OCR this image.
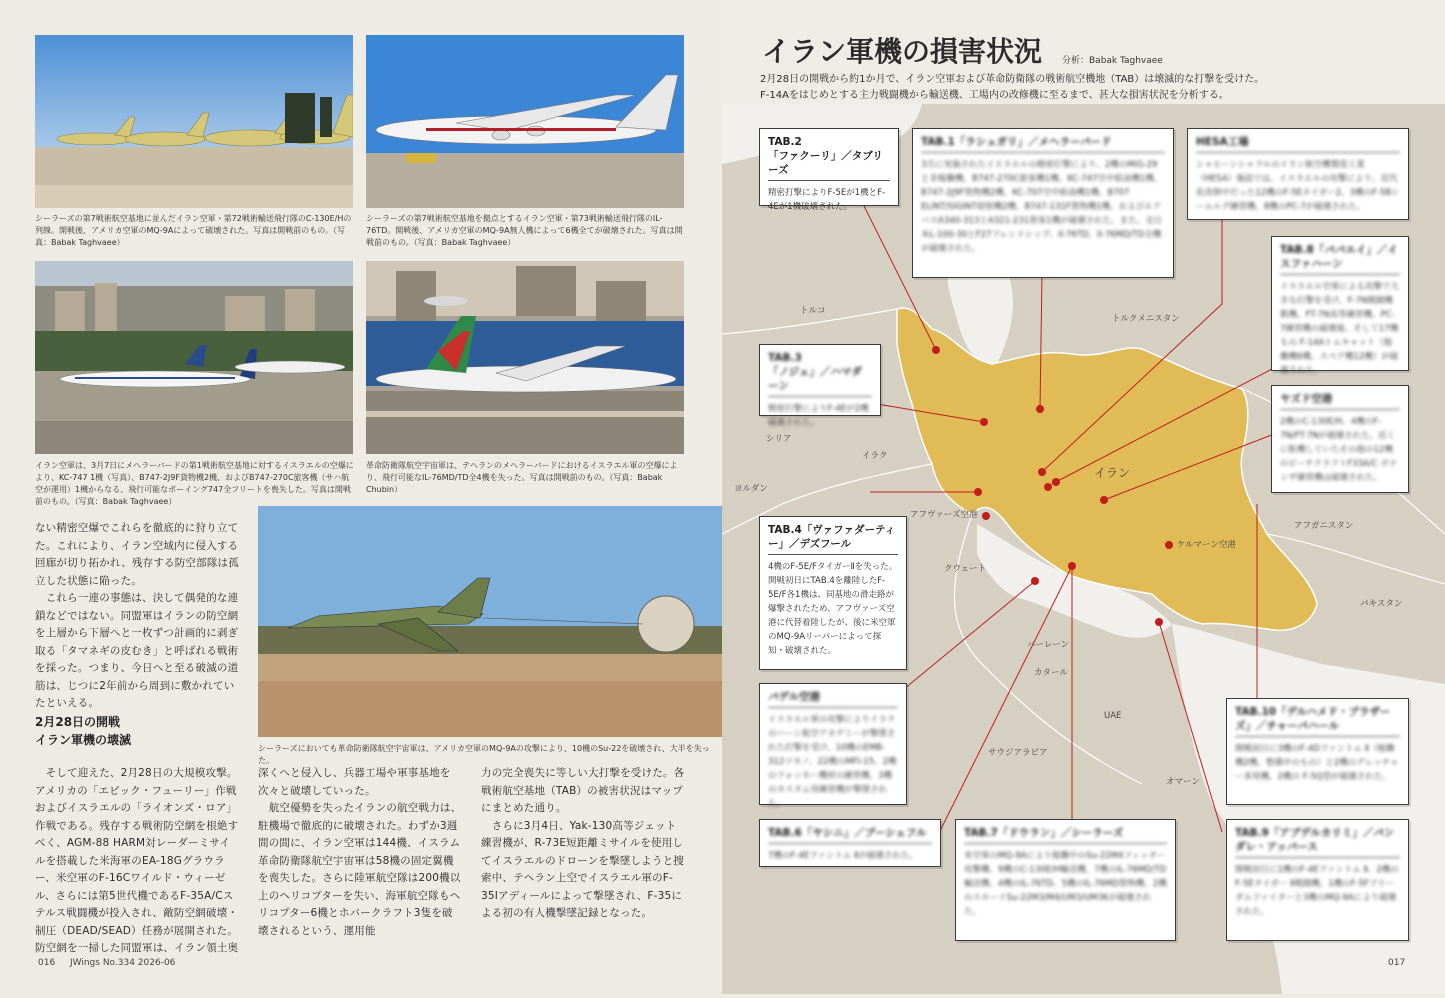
シーラーズの第7戦術航空基地に並んだイラン空軍・第72戦術輸送飛行隊のC-130E/Hの列線。開戦後、アメリカ空軍のMQ-9Aによって破壊された。写真は開戦前のもの。（写真：Babak Taghvaee）
シーラーズの第7戦術航空基地を拠点とするイラン空軍・第73戦術輸送飛行隊のIL-76TD。開戦後、アメリカ空軍のMQ-9A無人機によって6機全てが破壊された。写真は開戦前のもの。（写真：Babak Taghvaee）
イラン空軍は、3月7日にメヘラーバードの第1戦術航空基地に対するイスラエルの空爆により、KC-747 1機（写真）、B747-2J9F貨物機2機、およびB747-270C旅客機（サハ航空が運用）1機からなる、飛行可能なボーイング747全フリートを喪失した。写真は開戦前のもの。（写真：Babak Taghvaee）
革命防衛隊航空宇宙軍は、テヘランのメヘラーバードにおけるイスラエル軍の空爆により、飛行可能なIL-76MD/TD全4機を失った。写真は開戦前のもの。（写真：Babak Chubin）
ない精密空爆でこれらを徹底的に狩り立てた。これにより、イラン空域内に侵入する回廊が切り拓かれ、残存する防空部隊は孤立した状態に陥った。
　これら一連の事態は、決して偶発的な連鎖などではない。同盟軍はイランの防空網を上層から下層へと一枚ずつ計画的に剥ぎ取る「タマネギの皮むき」と呼ばれる戦術を採った。つまり、今日へと至る破滅の道筋は、じつに2年前から周到に敷かれていたといえる。
2月28日の開戦
イラン軍機の壊滅
　そして迎えた、2月28日の大規模攻撃。アメリカの「エピック・フューリー」作戦およびイスラエルの「ライオンズ・ロア」作戦である。残存する戦術防空網を根絶すべく、AGM-88 HARM対レーダーミサイルを搭載した米海軍のEA-18Gグラウラー、米空軍のF-16Cワイルド・ウィーゼル、さらには第5世代機であるF-35A/Cステルス戦闘機が投入され、敵防空網破壊・制圧（DEAD/SEAD）任務が展開された。防空網を一掃した同盟軍は、イラン領土奥
シーラーズにおいても革命防衛隊航空宇宙軍は、アメリカ空軍のMQ-9Aの攻撃により、10機のSu-22を破壊され、大半を失った。
深くへと侵入し、兵器工場や軍事基地を次々と破壊していった。
　航空優勢を失ったイランの航空戦力は、駐機場で徹底的に破壊された。わずか3週間の間に、イラン空軍は144機、イスラム革命防衛隊航空宇宙軍は58機の固定翼機を喪失した。さらに陸軍航空隊は200機以上のヘリコプターを失い、海軍航空隊もヘリコプター6機とホバークラフト3隻を破壊されるという、運用能
力の完全喪失に等しい大打撃を受けた。各戦術航空基地（TAB）の被害状況はマップにまとめた通り。
　さらに3月4日、Yak-130高等ジェット練習機が、R-73E短距離ミサイルを使用してイスラエルのドローンを撃墜しようと捜索中、テヘラン上空でイスラエル軍のF-35Iアディールによって撃墜され、F-35による初の有人機撃墜記録となった。
016 JWings No.334 2026-06
イラン軍機の損害状況 分析：Babak Taghvaee
2月28日の開戦から約1か月で、イラン空軍および革命防衛隊の戦術航空機地（TAB）は壊滅的な打撃を受けた。
F-14Aをはじめとする主力戦闘機から輸送機、工場内の改修機に至るまで、甚大な損害状況を分析する。
トルコ
トルクメニスタン
シリア
イラク
ヨルダン
イラン
アフガニスタン
クウェート
パキスタン
バーレーン
カタール
UAE
サウジアラビア
オマーン
アフヴァーズ空港
ケルマーン空港
TAB.2
「ファクーリ」／タブリーズ
精密打撃によりF-5Eが1機とF-4Eが1機破壊された。
TAB.1「ラシュガリ」／メヘラーバード
3月に実施されたイスラエルの精密打撃により、2機のMiG-29と非稼働機、B747-270C旅客機1機、KC-747空中給油機1機、B747-2J9F貨物機2機、KC-707空中給油機1機、B707 ELINT/SIGINT偵察機2機、B747-131F貨物機1機、およびエアバスA340-313とA321-231貨客1機が破壊された。また、全日本L-100-30とF27フレンドシップ、Il-76TD、Il-76MD/TD全機が破壊された。
HESA工場
シャヒーンシャフルのイラン航空機製造工業（HESA）施設では、イスラエルの攻撃により、近代化改修中だった12機のF-5Eタイガー2、3機のF-5Bシームルグ練習機、8機のPC-7が破壊された。
TAB.8「ババエイ」／イスファハーン
イスラエル空軍による攻撃で大きな打撃を受け、F-7N戦闘機数機、FT-7N高等練習機、PC-7練習機の破壊後、そして17機もの F-14Aトムキャット（稼働機6機、スペア機12機）が破壊された。
TAB.3
「ノジェ」／ハマダーン
精密打撃によりF-4Eが2機破壊された。
ヤズド空港
2機のC-130E/H、4機のF-7N/FT-7Nが破壊された。近くに駐機していたその他の12機のビーチクラフトF33A/C ボナンザ練習機は破壊された。
TAB.4「ヴァファダーティー」／デズフール
4機のF-5E/FタイガーⅡを失った。開戦初日にTAB.4を離陸したF-5E/F各1機は、同基地の滑走路が爆撃されたため、アフヴァーズ空港に代替着陸したが、後に米空軍のMQ-9Aリーパーによって探知・破壊された。
バデル空港
イスラエル軍の攻撃によりイラクのハーン航空アカデミーが撃墜された打撃を受け、10機のEMB-312ツカノ、22機のMFI-15、2機のフォッカー機材の練習機、3機のカスタム用練習機が撃墜された。
TAB.10「デルハメド・ブラザーズ」／チャーバハール
開戦初日に3機のF-4Dファントム Ⅱ（稼働機2機、整備中のもの）と2機のグレッチャー多用機、2機の F-5Q型が破壊された。
TAB.6「ヤシニ」／ブーシェフル
7機のF-4Eファントム Ⅱが破壊された。
TAB.7「ドウラン」／シーラーズ
米空軍のMQ-9Aにより稼働中のSu-22M4フィッター攻撃機、9機のC-130E/H輸送機、7機のIL-76MD/TD輸送機、4機のIL-76TD、5機のIL-76MD貨物機、2機のスホーイSu-22M3/M4/UM3/UM3Kが破壊された。
TAB.9「アブデルカリミ」／バンダレ・アッバース
開戦初日に1機のF-4Eファントム Ⅱ、2機のF-5Eタイガー Ⅱ戦闘機、1機のF-5Fフリーダムファイターと3機のMQ-9Aにより破壊された。
017
